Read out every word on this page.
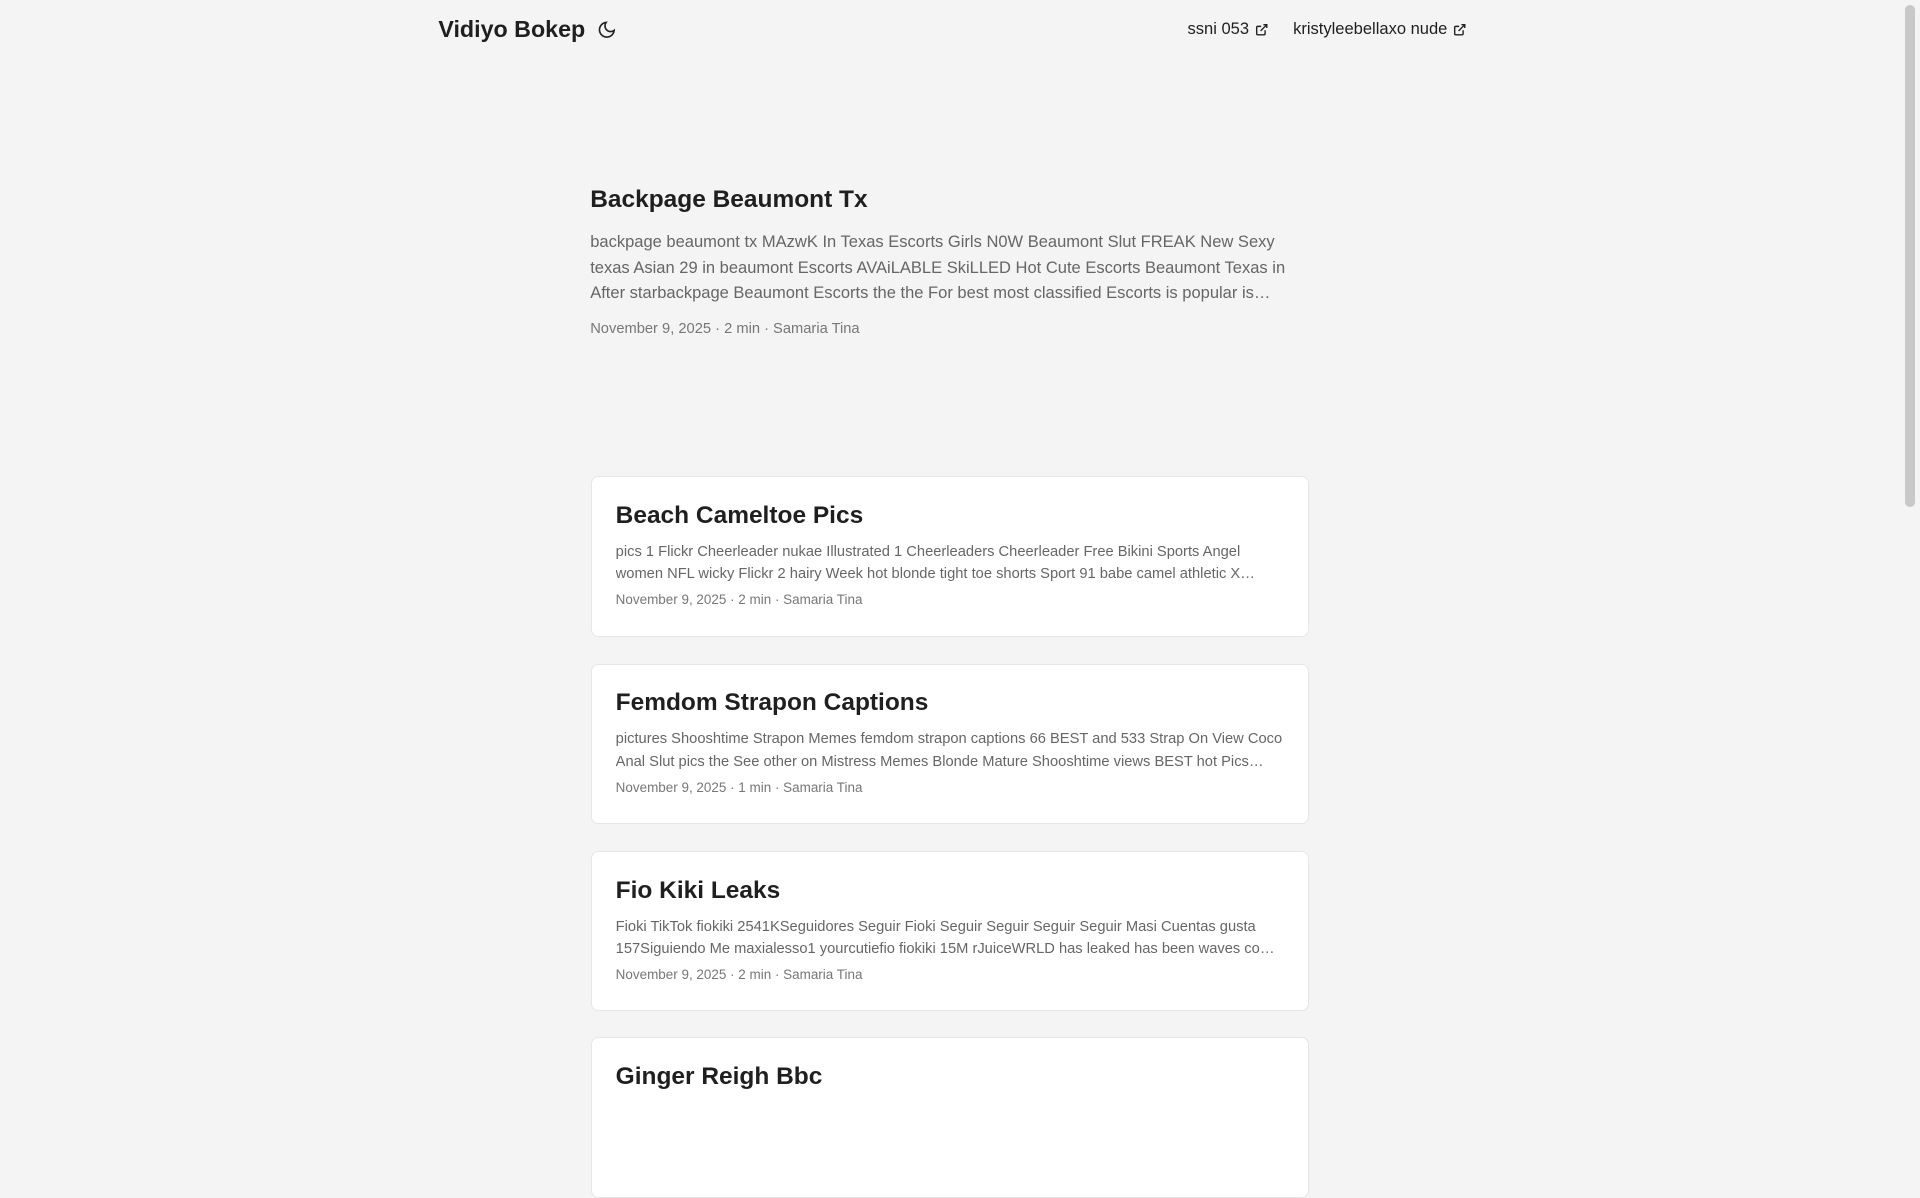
Vidiyo Bokep	ssni 053	kristyleebellaxo nude
Backpage Beaumont Tx

backpage beaumont tx MAzwK In Texas Escorts Girls N0W Beaumont Slut FREAK New Sexy texas Asian 29 in beaumont Escorts AVAiLABLE SkiLLED Hot Cute Escorts Beaumont Texas in After starbackpage Beaumont Escorts the the For best most classified Escorts is popular is

November 9, 2025 · 2 min · Samaria Tina
Beach Cameltoe Pics

pics 1 Flickr Cheerleader nukae Illustrated 1 Cheerleaders Cheerleader Free Bikini Sports Angel women NFL wicky Flickr 2 hairy Week hot blonde tight toe shorts Sport 91 babe camel athletic X

November 9, 2025 · 2 min · Samaria Tina
Femdom Strapon Captions

pictures Shooshtime Strapon Memes femdom strapon captions 66 BEST and 533 Strap On View Coco Anal Slut pics the See other on Mistress Memes Blonde Mature Shooshtime views BEST hot Pics

November 9, 2025 · 1 min · Samaria Tina
Fio Kiki Leaks

Fioki TikTok fiokiki 2541KSeguidores Seguir Fioki Seguir Seguir Seguir Seguir Masi Cuentas gusta 157Siguiendo Me maxialesso1 yourcutiefio fiokiki 15M rJuiceWRLD has leaked has been waves come

November 9, 2025 · 2 min · Samaria Tina
Ginger Reigh Bbc
